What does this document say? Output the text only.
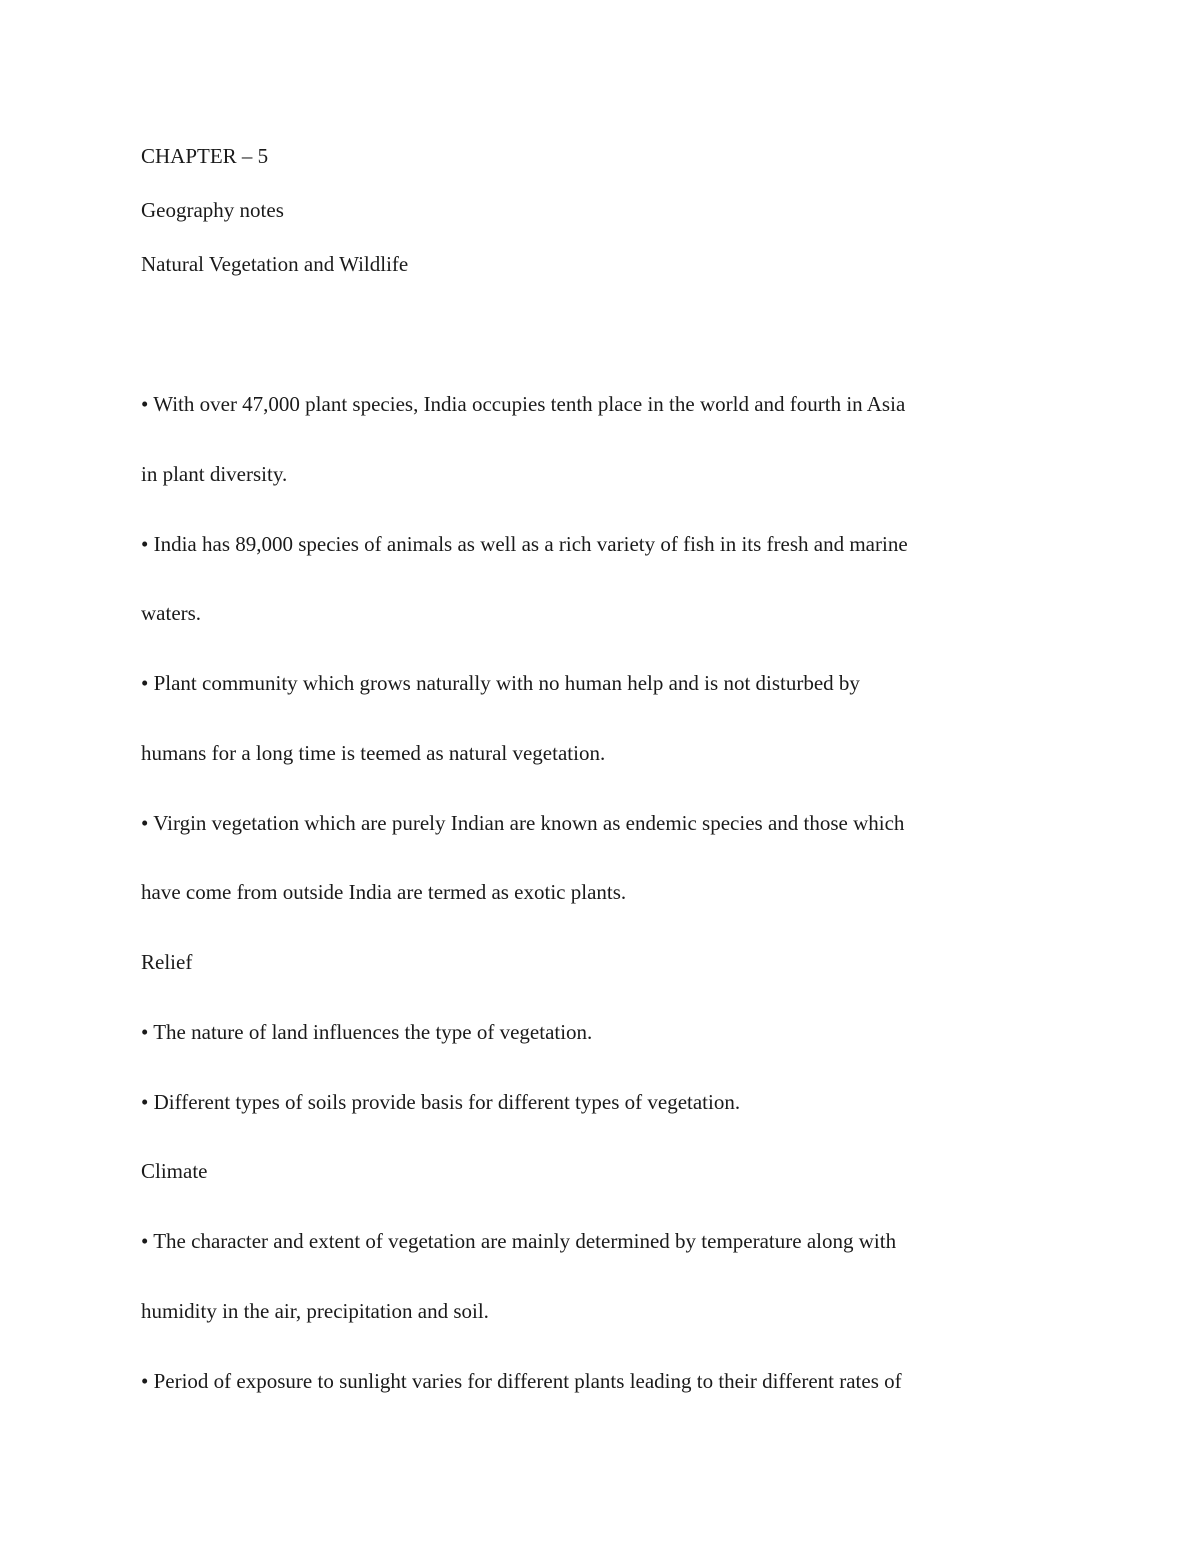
CHAPTER – 5
Geography notes
Natural Vegetation and Wildlife
• With over 47,000 plant species, India occupies tenth place in the world and fourth in Asia
in plant diversity.
• India has 89,000 species of animals as well as a rich variety of fish in its fresh and marine
waters.
• Plant community which grows naturally with no human help and is not disturbed by
humans for a long time is teemed as natural vegetation.
• Virgin vegetation which are purely Indian are known as endemic species and those which
have come from outside India are termed as exotic plants.
Relief
• The nature of land influences the type of vegetation.
• Different types of soils provide basis for different types of vegetation.
Climate
• The character and extent of vegetation are mainly determined by temperature along with
humidity in the air, precipitation and soil.
• Period of exposure to sunlight varies for different plants leading to their different rates of
